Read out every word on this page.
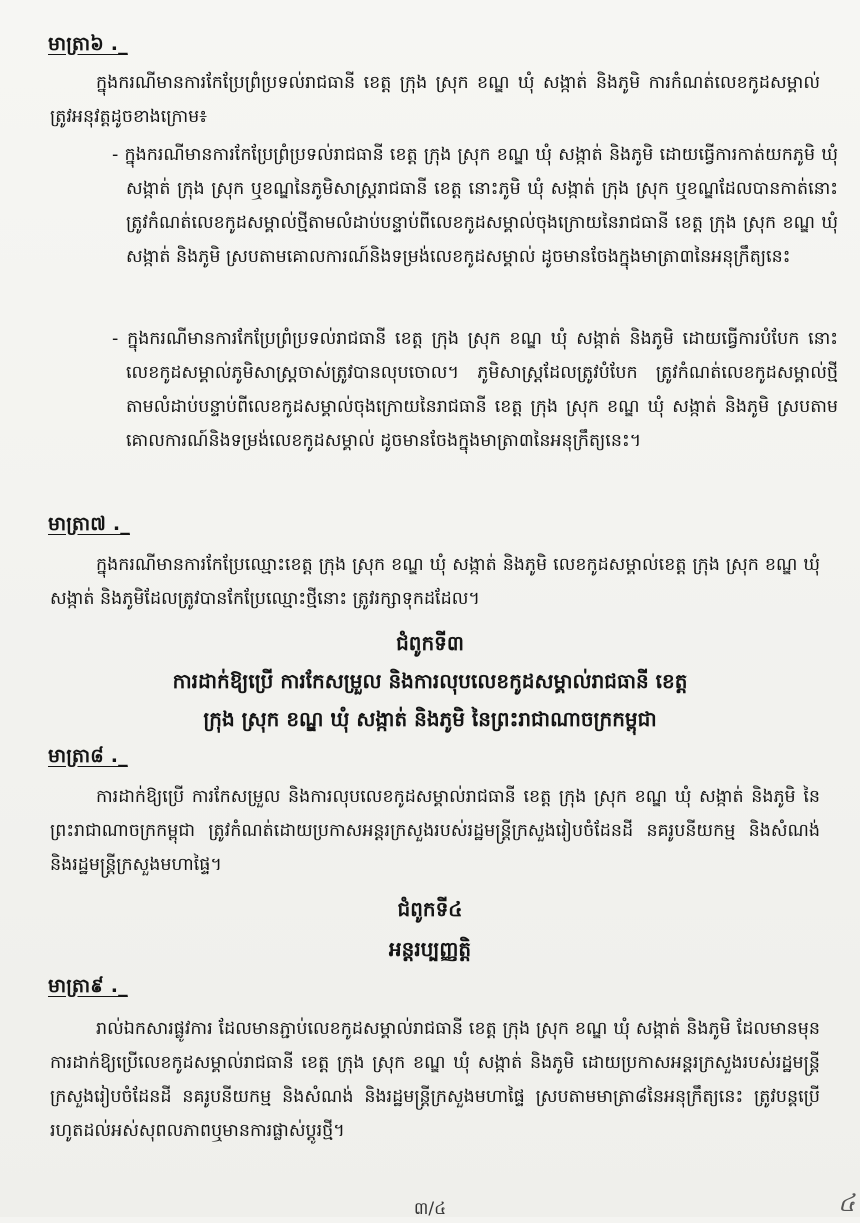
មាត្រា៦ ._

ក្នុងករណីមានការកែប្រែព្រំប្រទល់រាជធានី ខេត្ត ក្រុង ស្រុក ខណ្ឌ ឃុំ សង្កាត់ និងភូមិ ការកំណត់លេខកូដសម្គាល់ ត្រូវអនុវត្តដូចខាងក្រោម៖

- ក្នុងករណីមានការកែប្រែព្រំប្រទល់រាជធានី ខេត្ត ក្រុង ស្រុក ខណ្ឌ ឃុំ សង្កាត់ និងភូមិ ដោយធ្វើការកាត់យកភូមិ ឃុំ សង្កាត់ ក្រុង ស្រុក ឬខណ្ឌនៃភូមិសាស្ត្ររាជធានី ខេត្ត នោះភូមិ ឃុំ សង្កាត់ ក្រុង ស្រុក ឬខណ្ឌដែលបានកាត់នោះ ត្រូវកំណត់លេខកូដសម្គាល់ថ្មីតាមលំដាប់បន្ទាប់ពីលេខកូដសម្គាល់ចុងក្រោយនៃរាជធានី ខេត្ត ក្រុង ស្រុក ខណ្ឌ ឃុំ សង្កាត់ និងភូមិ ស្របតាមគោលការណ៍និងទម្រង់លេខកូដសម្គាល់ ដូចមានចែងក្នុងមាត្រា៣នៃអនុក្រឹត្យនេះ

- ក្នុងករណីមានការកែប្រែព្រំប្រទល់រាជធានី ខេត្ត ក្រុង ស្រុក ខណ្ឌ ឃុំ សង្កាត់ និងភូមិ ដោយធ្វើការបំបែក នោះលេខកូដសម្គាល់ភូមិសាស្ត្រចាស់ត្រូវបានលុបចោល។ ភូមិសាស្ត្រដែលត្រូវបំបែក ត្រូវកំណត់លេខកូដសម្គាល់ថ្មីតាមលំដាប់បន្ទាប់ពីលេខកូដសម្គាល់ចុងក្រោយនៃរាជធានី ខេត្ត ក្រុង ស្រុក ខណ្ឌ ឃុំ សង្កាត់ និងភូមិ ស្របតាមគោលការណ៍និងទម្រង់លេខកូដសម្គាល់ ដូចមានចែងក្នុងមាត្រា៣នៃអនុក្រឹត្យនេះ។

មាត្រា៧ ._

ក្នុងករណីមានការកែប្រែឈ្មោះខេត្ត ក្រុង ស្រុក ខណ្ឌ ឃុំ សង្កាត់ និងភូមិ លេខកូដសម្គាល់ខេត្ត ក្រុង ស្រុក ខណ្ឌ ឃុំ សង្កាត់ និងភូមិដែលត្រូវបានកែប្រែឈ្មោះថ្មីនោះ ត្រូវរក្សាទុកដដែល។

ជំពូកទី៣

ការដាក់ឱ្យប្រើ ការកែសម្រួល និងការលុបលេខកូដសម្គាល់រាជធានី ខេត្ត

ក្រុង ស្រុក ខណ្ឌ ឃុំ សង្កាត់ និងភូមិ នៃព្រះរាជាណាចក្រកម្ពុជា

មាត្រា៨ ._

ការដាក់ឱ្យប្រើ ការកែសម្រួល និងការលុបលេខកូដសម្គាល់រាជធានី ខេត្ត ក្រុង ស្រុក ខណ្ឌ ឃុំ សង្កាត់ និងភូមិ នៃព្រះរាជាណាចក្រកម្ពុជា ត្រូវកំណត់ដោយប្រកាសអន្តរក្រសួងរបស់រដ្ឋមន្ត្រីក្រសួងរៀបចំដែនដី នគរូបនីយកម្ម និងសំណង់ និងរដ្ឋមន្ត្រីក្រសួងមហាផ្ទៃ។

ជំពូកទី៤

អន្តរប្បញ្ញត្តិ

មាត្រា៩ ._

រាល់ឯកសារផ្លូវការ ដែលមានភ្ជាប់លេខកូដសម្គាល់រាជធានី ខេត្ត ក្រុង ស្រុក ខណ្ឌ ឃុំ សង្កាត់ និងភូមិ ដែលមានមុនការដាក់ឱ្យប្រើលេខកូដសម្គាល់រាជធានី ខេត្ត ក្រុង ស្រុក ខណ្ឌ ឃុំ សង្កាត់ និងភូមិ ដោយប្រកាសអន្តរក្រសួងរបស់រដ្ឋមន្ត្រីក្រសួងរៀបចំដែនដី នគរូបនីយកម្ម និងសំណង់ និងរដ្ឋមន្ត្រីក្រសួងមហាផ្ទៃ ស្របតាមមាត្រា៨នៃអនុក្រឹត្យនេះ ត្រូវបន្តប្រើរហូតដល់អស់សុពលភាពឬមានការផ្លាស់ប្តូរថ្មី។

៣/៤	៤
